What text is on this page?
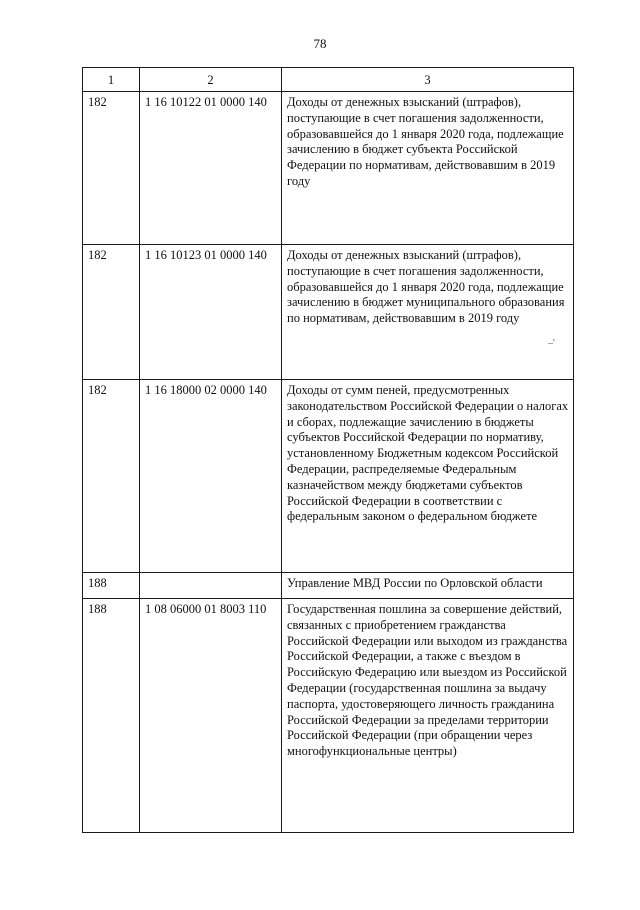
78
1	2	3
182	1 16 10122 01 0000 140	Доходы от денежных взысканий (штрафов), поступающие в счет погашения задолженности, образовавшейся до 1 января 2020 года, подлежащие зачислению в бюджет субъекта Российской Федерации по нормативам, действовавшим в 2019 году
182	1 16 10123 01 0000 140	Доходы от денежных взысканий (штрафов), поступающие в счет погашения задолженности, образовавшейся до 1 января 2020 года, подлежащие зачислению в бюджет муниципального образования по нормативам, действовавшим в 2019 году
182	1 16 18000 02 0000 140	Доходы от сумм пеней, предусмотренных законодательством Российской Федерации о налогах и сборах, подлежащие зачислению в бюджеты субъектов Российской Федерации по нормативу, установленному Бюджетным кодексом Российской Федерации, распределяемые Федеральным казначейством между бюджетами субъектов Российской Федерации в соответствии с федеральным законом о федеральном бюджете
188		Управление МВД России по Орловской области
188	1 08 06000 01 8003 110	Государственная пошлина за совершение действий, связанных с приобретением гражданства Российской Федерации или выходом из гражданства Российской Федерации, а также с въездом в Российскую Федерацию или выездом из Российской Федерации (государственная пошлина за выдачу паспорта, удостоверяющего личность гражданина Российской Федерации за пределами территории Российской Федерации (при обращении через многофункциональные центры)
–'
